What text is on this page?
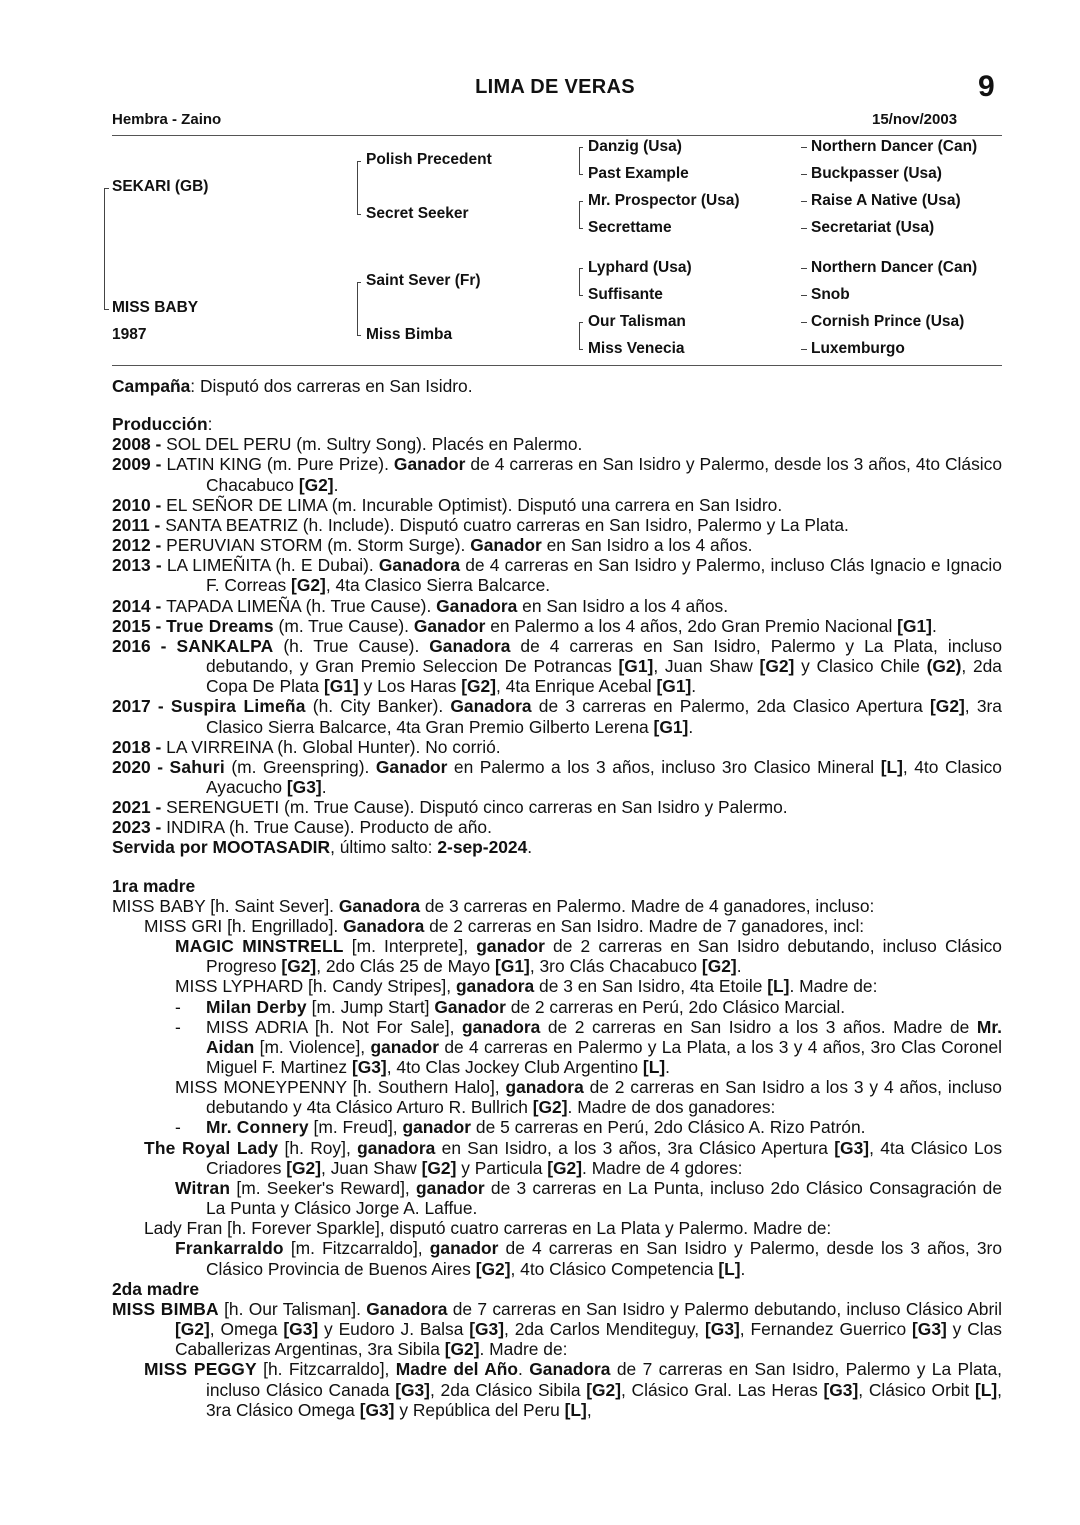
LIMA DE VERAS	9
Hembra - Zaino	15/nov/2003
SEKARI (GB)
MISS BABY
1987
Polish Precedent
Secret Seeker
Saint Sever (Fr)
Miss Bimba
Danzig (Usa)
Past Example
Mr. Prospector (Usa)
Secrettame
Lyphard (Usa)
Suffisante
Our Talisman
Miss Venecia
Northern Dancer (Can)
Buckpasser (Usa)
Raise A Native (Usa)
Secretariat (Usa)
Northern Dancer (Can)
Snob
Cornish Prince (Usa)
Luxemburgo

Campaña: Disputó dos carreras en San Isidro.

Producción:

2008 - SOL DEL PERU (m. Sultry Song). Placés en Palermo.

2009 - LATIN KING (m. Pure Prize). Ganador de 4 carreras en San Isidro y Palermo, desde los 3 años, 4to Clásico Chacabuco [G2].

2010 - EL SEÑOR DE LIMA (m. Incurable Optimist). Disputó una carrera en San Isidro.

2011 - SANTA BEATRIZ (h. Include). Disputó cuatro carreras en San Isidro, Palermo y La Plata.

2012 - PERUVIAN STORM (m. Storm Surge). Ganador en San Isidro a los 4 años.

2013 - LA LIMEÑITA (h. E Dubai). Ganadora de 4 carreras en San Isidro y Palermo, incluso Clás Ignacio e Ignacio F. Correas [G2], 4ta Clasico Sierra Balcarce.

2014 - TAPADA LIMEÑA (h. True Cause). Ganadora en San Isidro a los 4 años.

2015 - True Dreams (m. True Cause). Ganador en Palermo a los 4 años, 2do Gran Premio Nacional [G1].

2016 - SANKALPA (h. True Cause). Ganadora de 4 carreras en San Isidro, Palermo y La Plata, incluso debutando, y Gran Premio Seleccion De Potrancas [G1], Juan Shaw [G2] y Clasico Chile (G2), 2da Copa De Plata [G1] y Los Haras [G2], 4ta Enrique Acebal [G1].

2017 - Suspira Limeña (h. City Banker). Ganadora de 3 carreras en Palermo, 2da Clasico Apertura [G2], 3ra Clasico Sierra Balcarce, 4ta Gran Premio Gilberto Lerena [G1].

2018 - LA VIRREINA (h. Global Hunter). No corrió.

2020 - Sahuri (m. Greenspring). Ganador en Palermo a los 3 años, incluso 3ro Clasico Mineral [L], 4to Clasico Ayacucho [G3].

2021 - SERENGUETI (m. True Cause). Disputó cinco carreras en San Isidro y Palermo.

2023 - INDIRA (h. True Cause). Producto de año.

Servida por MOOTASADIR, último salto: 2-sep-2024.

1ra madre

MISS BABY [h. Saint Sever]. Ganadora de 3 carreras en Palermo. Madre de 4 ganadores, incluso:

MISS GRI [h. Engrillado]. Ganadora de 2 carreras en San Isidro. Madre de 7 ganadores, incl:

MAGIC MINSTRELL [m. Interprete], ganador de 2 carreras en San Isidro debutando, incluso Clásico Progreso [G2], 2do Clás 25 de Mayo [G1], 3ro Clás Chacabuco [G2].

MISS LYPHARD [h. Candy Stripes], ganadora de 3 en San Isidro, 4ta Etoile [L]. Madre de:

- Milan Derby [m. Jump Start] Ganador de 2 carreras en Perú, 2do Clásico Marcial.

- MISS ADRIA [h. Not For Sale], ganadora de 2 carreras en San Isidro a los 3 años. Madre de Mr. Aidan [m. Violence], ganador de 4 carreras en Palermo y La Plata, a los 3 y 4 años, 3ro Clas Coronel Miguel F. Martinez [G3], 4to Clas Jockey Club Argentino [L].

MISS MONEYPENNY [h. Southern Halo], ganadora de 2 carreras en San Isidro a los 3 y 4 años, incluso debutando y 4ta Clásico Arturo R. Bullrich [G2]. Madre de dos ganadores:

- Mr. Connery [m. Freud], ganador de 5 carreras en Perú, 2do Clásico A. Rizo Patrón.

The Royal Lady [h. Roy], ganadora en San Isidro, a los 3 años, 3ra Clásico Apertura [G3], 4ta Clásico Los Criadores [G2], Juan Shaw [G2] y Particula [G2]. Madre de 4 gdores:

Witran [m. Seeker's Reward], ganador de 3 carreras en La Punta, incluso 2do Clásico Consagración de La Punta y Clásico Jorge A. Laffue.

Lady Fran [h. Forever Sparkle], disputó cuatro carreras en La Plata y Palermo. Madre de:

Frankarraldo [m. Fitzcarraldo], ganador de 4 carreras en San Isidro y Palermo, desde los 3 años, 3ro Clásico Provincia de Buenos Aires [G2], 4to Clásico Competencia [L].

2da madre

MISS BIMBA [h. Our Talisman]. Ganadora de 7 carreras en San Isidro y Palermo debutando, incluso Clásico Abril [G2], Omega [G3] y Eudoro J. Balsa [G3], 2da Carlos Menditeguy, [G3], Fernandez Guerrico [G3] y Clas Caballerizas Argentinas, 3ra Sibila [G2]. Madre de:

MISS PEGGY [h. Fitzcarraldo], Madre del Año. Ganadora de 7 carreras en San Isidro, Palermo y La Plata, incluso Clásico Canada [G3], 2da Clásico Sibila [G2], Clásico Gral. Las Heras [G3], Clásico Orbit [L], 3ra Clásico Omega [G3] y República del Peru [L],
